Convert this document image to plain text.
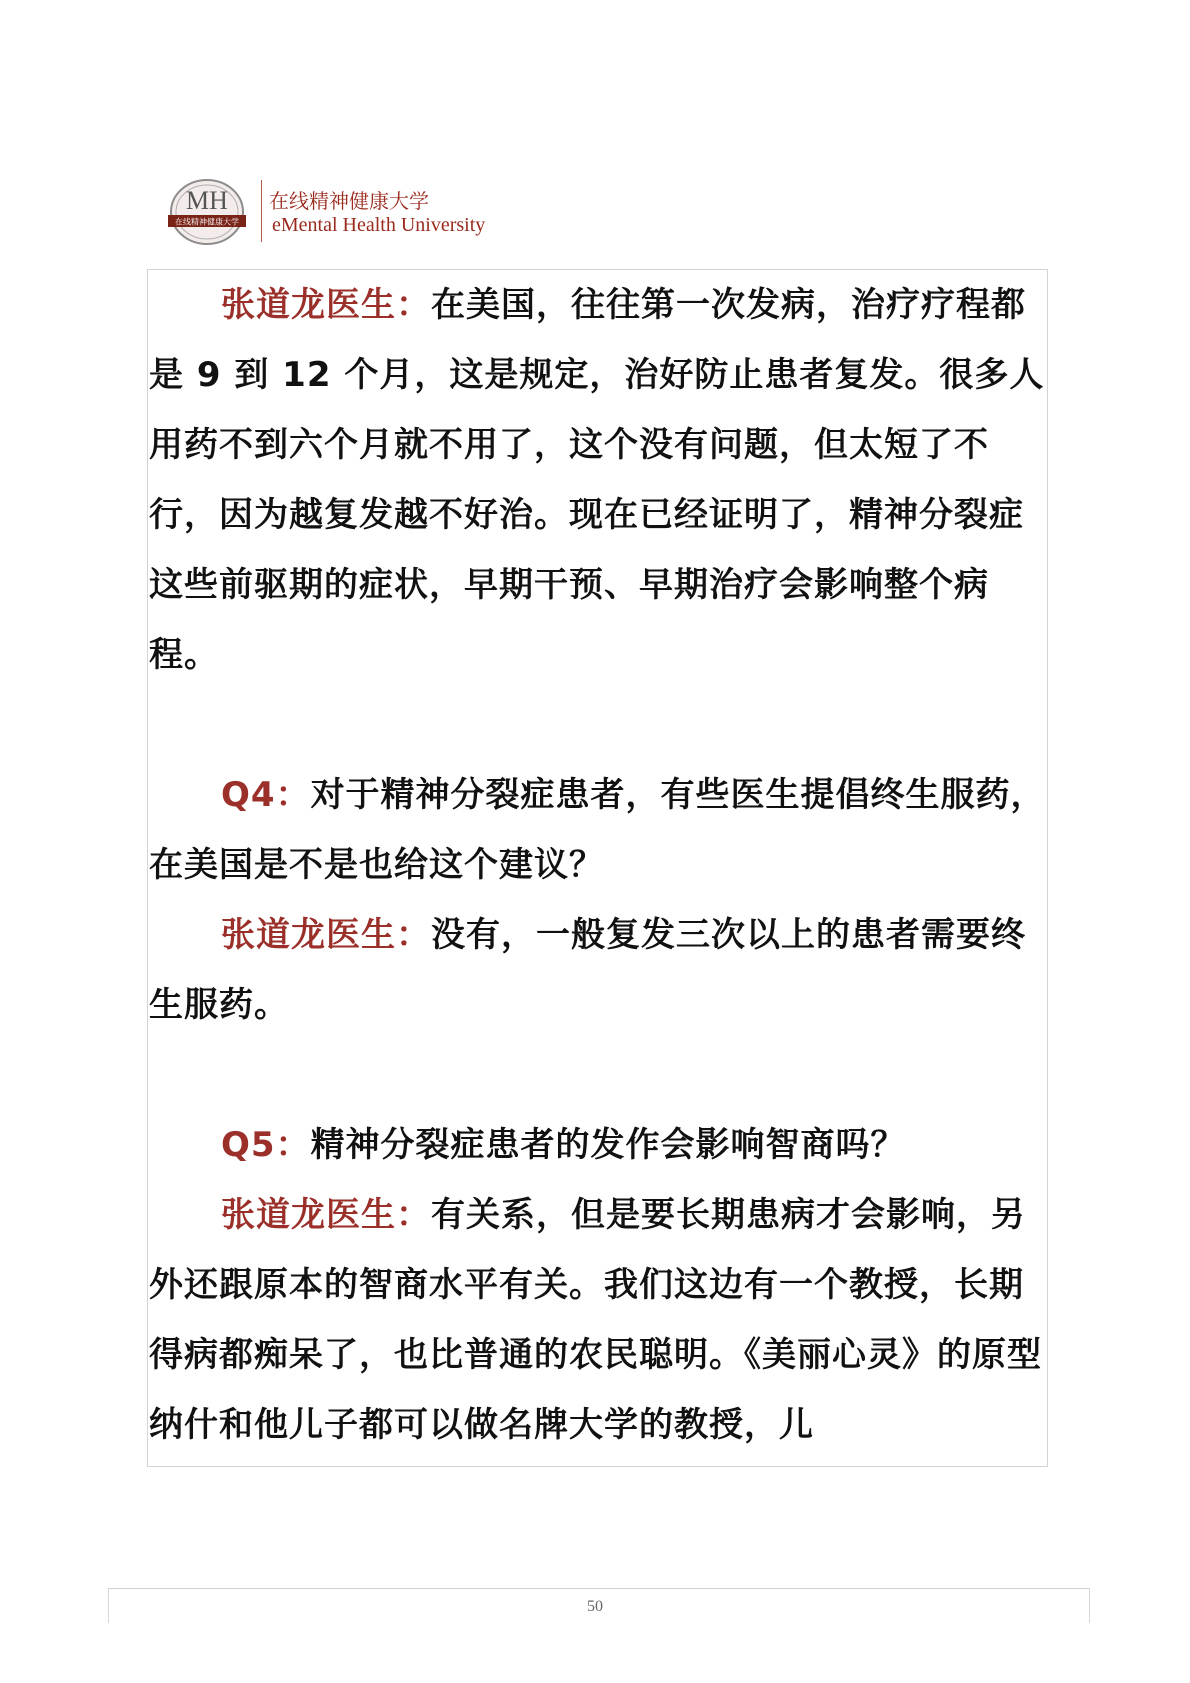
MH
在线精神健康大学
在线精神健康大学
eMental Health University

张道龙医生：在美国，往往第一次发病，治疗疗程都是 9 到 12 个月，这是规定，治好防止患者复发。很多人用药不到六个月就不用了，这个没有问题，但太短了不行，因为越复发越不好治。现在已经证明了，精神分裂症这些前驱期的症状，早期干预、早期治疗会影响整个病程。

Q4：对于精神分裂症患者，有些医生提倡终生服药，在美国是不是也给这个建议？

张道龙医生：没有，一般复发三次以上的患者需要终生服药。

Q5：精神分裂症患者的发作会影响智商吗？

张道龙医生：有关系，但是要长期患病才会影响，另外还跟原本的智商水平有关。我们这边有一个教授，长期得病都痴呆了，也比普通的农民聪明。《美丽心灵》的原型纳什和他儿子都可以做名牌大学的教授，儿

50
